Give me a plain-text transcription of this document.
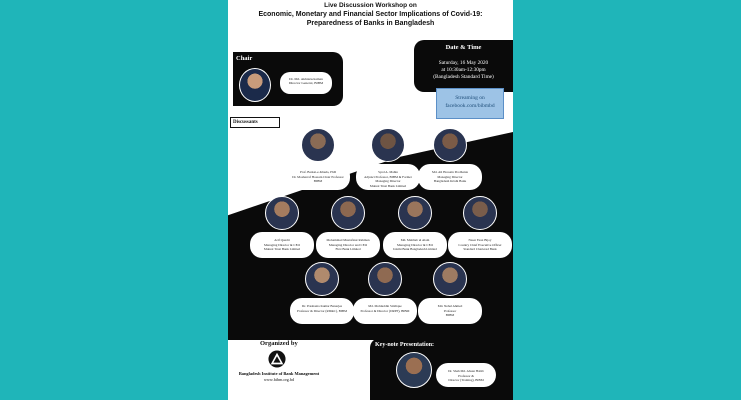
Live Discussion Workshop on
Economic, Monetary and Financial Sector Implications of Covid-19:
Preparedness of Banks in Bangladesh
Chair
Dr. Md. Akhtaruzzaman
Director General, BIBM
Date & Time
Saturday, 16 May 2020
at 10:30am-12:30pm
(Bangladesh Standard Time)
Streaming on
facebook.com/bibmbd
Discussants
Prof. Barkat-e-Khuda, PhD
Dr. Mosharraf Hossain Chair Professor
BIBM
Syed A. Mahin
Adjunct Professor, BIBM & Former Managing Director
Mutual Trust Bank Limited
Md. Ali Hossain Prodhania
Managing Director
Bangladesh Krishi Bank
Arif Quadri
Managing Director & CEO
Mutual Trust Bank Limited
Mohammad Mustafizur Rahman
Managing Director and CEO
First Bank Limited
Md. Mahbub ul Alam
Managing Director & CEO
Islami Bank Bangladesh Limited
Naser Ezaz Bijoy
Country Chief Executive Officer
Standard Chartered Bank
Dr. Prashanta Kumar Banerjee
Professor & Director (RD&C), BIBM
Md. Mohiuddin Siddique
Professor & Director (DRPP), BIBM
Md. Nehal Ahmed
Professor
BIBM
Organized by
Bangladesh Institute of Bank Management
www.bibm.org.bd
Key-note Presentation:
Dr. Shah Md. Ahsan Habib
Professor &
Director (Training), BIBM
